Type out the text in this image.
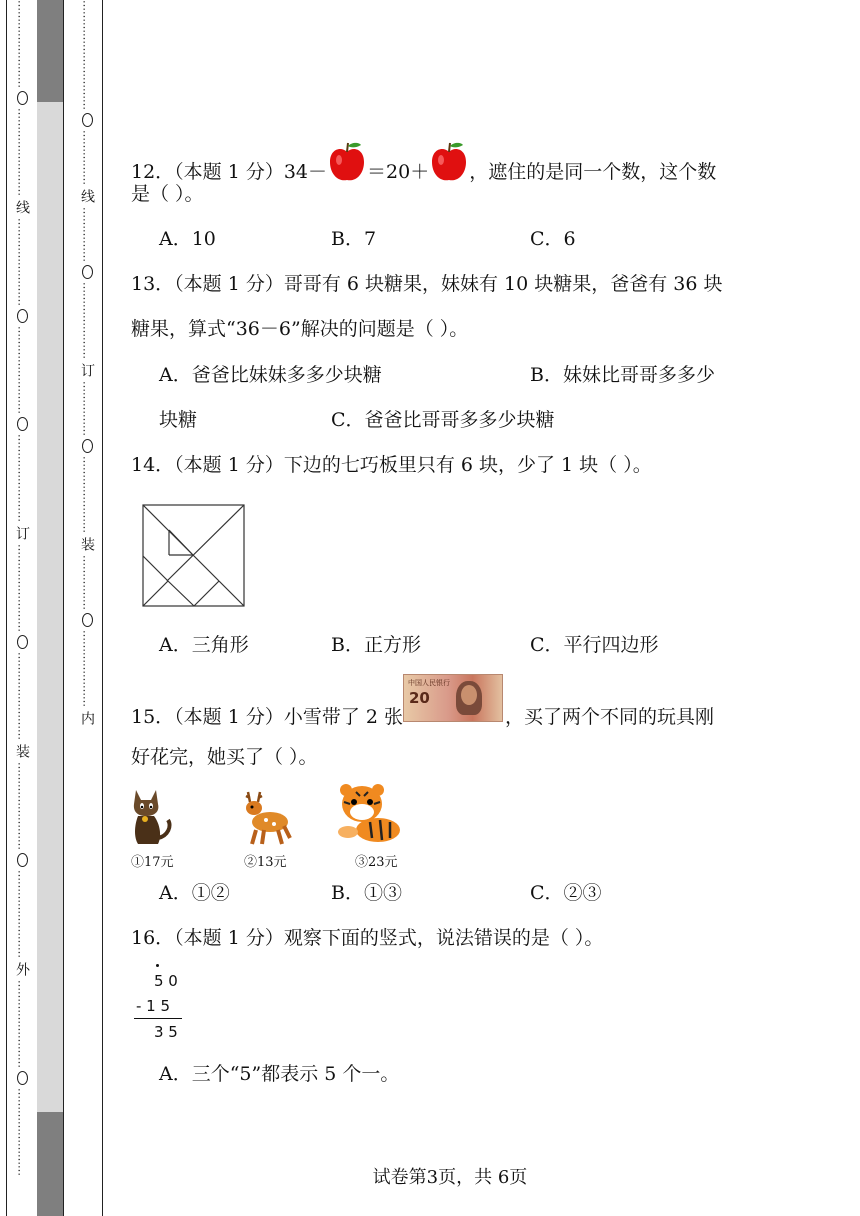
……………………
……………………
线
……………………
……………………
……………………
订
……………………
……………………
装
……………………
……………………
外
……………………
……………………
…………………………
……………
线
……………
…………………
订
……………
…………………
装
……………
…………………
内
12．（本题 1 分）34－ ＝20＋ ，遮住的是同一个数，这个数
是（ ）。
A．10	B．7	C．6
13．（本题 1 分）哥哥有 6 块糖果，妹妹有 10 块糖果，爸爸有 36 块
糖果，算式“36－6”解决的问题是（ ）。
A．爸爸比妹妹多多少块糖	B．妹妹比哥哥多多少
块糖	C．爸爸比哥哥多多少块糖
14．（本题 1 分）下边的七巧板里只有 6 块，少了 1 块（ ）。
A．三角形	B．正方形	C．平行四边形
15．（本题 1 分）小雪带了 2 张	，买了两个不同的玩具刚
中国人民银行
20
好花完，她买了（ ）。
①17元	②13元	③23元
A．①②	B．①③	C．②③
16．（本题 1 分）观察下面的竖式，说法错误的是（ ）。
5 0
- 1 5
3 5
A．三个“5”都表示 5 个一。
试卷第3页，共 6页
